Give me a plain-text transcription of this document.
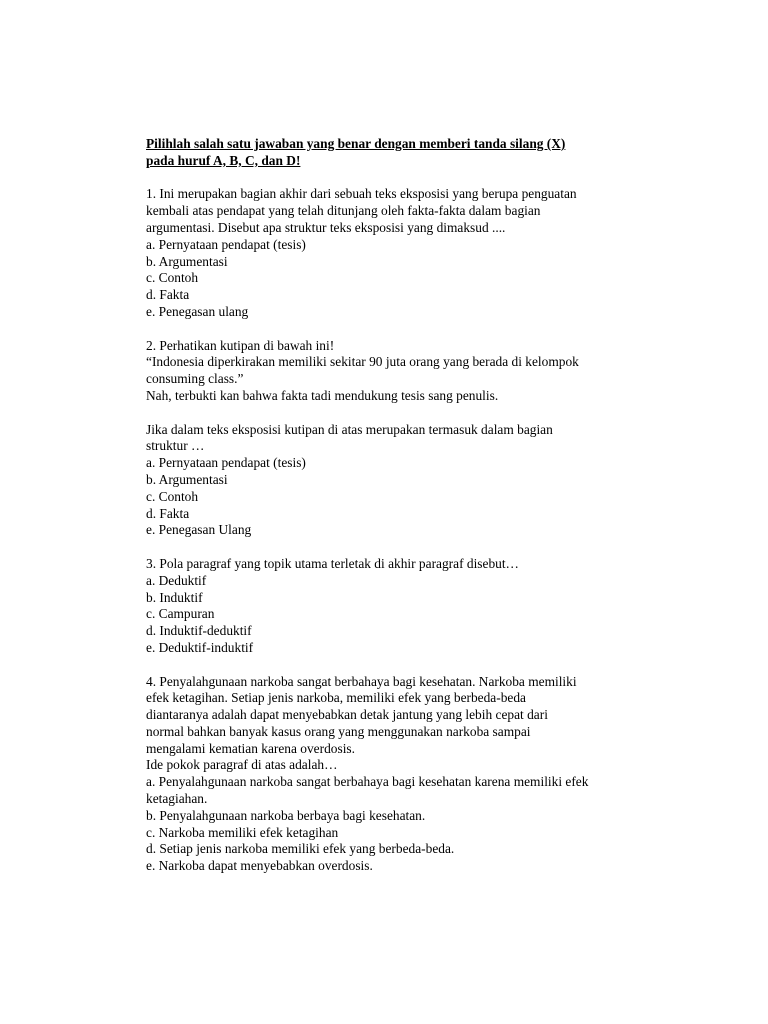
Pilihlah salah satu jawaban yang benar dengan memberi tanda silang (X)

pada huruf A, B, C, dan D!

1. Ini merupakan bagian akhir dari sebuah teks eksposisi yang berupa penguatan

kembali atas pendapat yang telah ditunjang oleh fakta-fakta dalam bagian

argumentasi. Disebut apa struktur teks eksposisi yang dimaksud ....

a. Pernyataan pendapat (tesis)

b. Argumentasi

c. Contoh

d. Fakta

e. Penegasan ulang

2. Perhatikan kutipan di bawah ini!

“Indonesia diperkirakan memiliki sekitar 90 juta orang yang berada di kelompok

consuming class.”

Nah, terbukti kan bahwa fakta tadi mendukung tesis sang penulis.

Jika dalam teks eksposisi kutipan di atas merupakan termasuk dalam bagian

struktur …

a. Pernyataan pendapat (tesis)

b. Argumentasi

c. Contoh

d. Fakta

e. Penegasan Ulang

3. Pola paragraf yang topik utama terletak di akhir paragraf disebut…

a. Deduktif

b. Induktif

c. Campuran

d. Induktif-deduktif

e. Deduktif-induktif

4. Penyalahgunaan narkoba sangat berbahaya bagi kesehatan. Narkoba memiliki

efek ketagihan. Setiap jenis narkoba, memiliki efek yang berbeda-beda

diantaranya adalah dapat menyebabkan detak jantung yang lebih cepat dari

normal bahkan banyak kasus orang yang menggunakan narkoba sampai

mengalami kematian karena overdosis.

Ide pokok paragraf di atas adalah…

a. Penyalahgunaan narkoba sangat berbahaya bagi kesehatan karena memiliki efek

ketagiahan.

b. Penyalahgunaan narkoba berbaya bagi kesehatan.

c. Narkoba memiliki efek ketagihan

d. Setiap jenis narkoba memiliki efek yang berbeda-beda.

e. Narkoba dapat menyebabkan overdosis.
